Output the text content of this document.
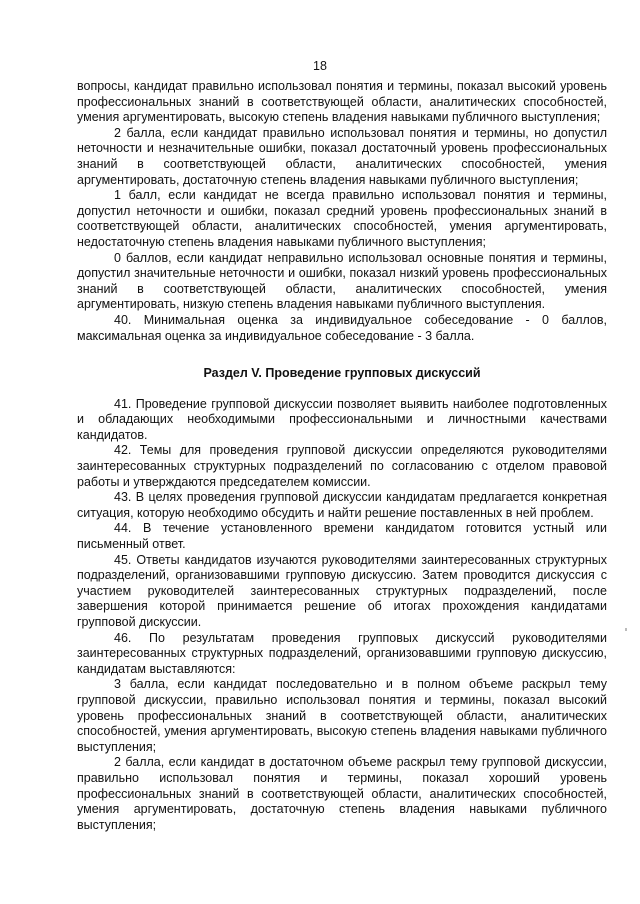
18

вопросы, кандидат правильно использовал понятия и термины, показал высокий уровень профессиональных знаний в соответствующей области, аналитических способностей, умения аргументировать, высокую степень владения навыками публичного выступления;

2 балла, если кандидат правильно использовал понятия и термины, но допустил неточности и незначительные ошибки, показал достаточный уровень профессиональных знаний в соответствующей области, аналитических способностей, умения аргументировать, достаточную степень владения навыками публичного выступления;

1 балл, если кандидат не всегда правильно использовал понятия и термины, допустил неточности и ошибки, показал средний уровень профессиональных знаний в соответствующей области, аналитических способностей, умения аргументировать, недостаточную степень владения навыками публичного выступления;

0 баллов, если кандидат неправильно использовал основные понятия и термины, допустил значительные неточности и ошибки, показал низкий уровень профессиональных знаний в соответствующей области, аналитических способностей, умения аргументировать, низкую степень владения навыками публичного выступления.

40. Минимальная оценка за индивидуальное собеседование - 0 баллов, максимальная оценка за индивидуальное собеседование - 3 балла.

Раздел V. Проведение групповых дискуссий

41. Проведение групповой дискуссии позволяет выявить наиболее подготовленных и обладающих необходимыми профессиональными и личностными качествами кандидатов.

42. Темы для проведения групповой дискуссии определяются руководителями заинтересованных структурных подразделений по согласованию с отделом правовой работы и утверждаются председателем комиссии.

43. В целях проведения групповой дискуссии кандидатам предлагается конкретная ситуация, которую необходимо обсудить и найти решение поставленных в ней проблем.

44. В течение установленного времени кандидатом готовится устный или письменный ответ.

45. Ответы кандидатов изучаются руководителями заинтересованных структурных подразделений, организовавшими групповую дискуссию. Затем проводится дискуссия с участием руководителей заинтересованных структурных подразделений, после завершения которой принимается решение об итогах прохождения кандидатами групповой дискуссии.

46. По результатам проведения групповых дискуссий руководителями заинтересованных структурных подразделений, организовавшими групповую дискуссию, кандидатам выставляются:

3 балла, если кандидат последовательно и в полном объеме раскрыл тему групповой дискуссии, правильно использовал понятия и термины, показал высокий уровень профессиональных знаний в соответствующей области, аналитических способностей, умения аргументировать, высокую степень владения навыками публичного выступления;

2 балла, если кандидат в достаточном объеме раскрыл тему групповой дискуссии, правильно использовал понятия и термины, показал хороший уровень профессиональных знаний в соответствующей области, аналитических способностей, умения аргументировать, достаточную степень владения навыками публичного выступления;
